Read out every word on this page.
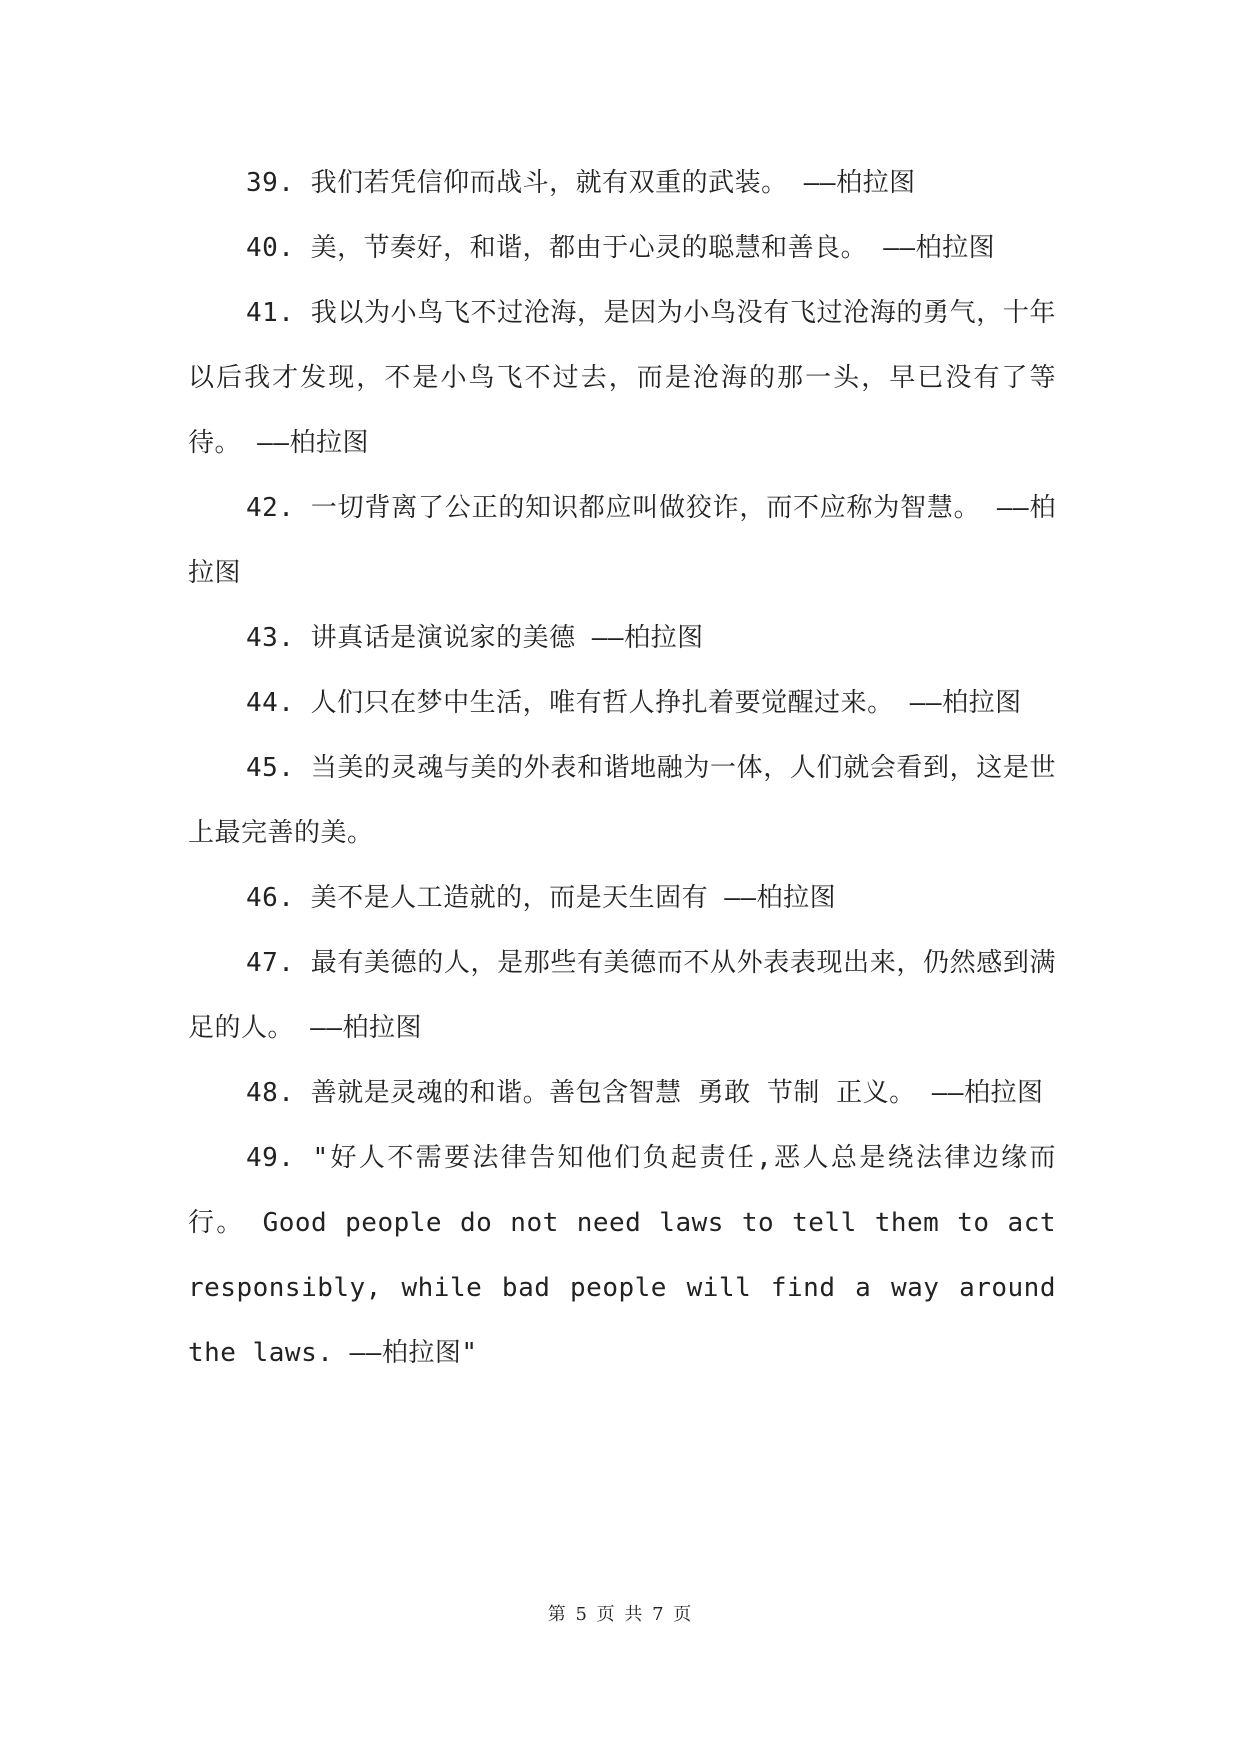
39. 我们若凭信仰而战斗，就有双重的武装。 ——柏拉图

40. 美，节奏好，和谐，都由于心灵的聪慧和善良。 ——柏拉图

41. 我以为小鸟飞不过沧海，是因为小鸟没有飞过沧海的勇气，十年以后我才发现，不是小鸟飞不过去，而是沧海的那一头，早已没有了等待。 ——柏拉图

42. 一切背离了公正的知识都应叫做狡诈，而不应称为智慧。 ——柏拉图

43. 讲真话是演说家的美德 ——柏拉图

44. 人们只在梦中生活，唯有哲人挣扎着要觉醒过来。 ——柏拉图

45. 当美的灵魂与美的外表和谐地融为一体，人们就会看到，这是世上最完善的美。

46. 美不是人工造就的，而是天生固有 ——柏拉图

47. 最有美德的人，是那些有美德而不从外表表现出来，仍然感到满足的人。 ——柏拉图

48. 善就是灵魂的和谐。善包含智慧 勇敢 节制 正义。 ——柏拉图

49. "好人不需要法律告知他们负起责任,恶人总是绕法律边缘而行。 Good people do not need laws to tell them to act responsibly, while bad people will find a way around the laws. ——柏拉图"

第 5 页 共 7 页
